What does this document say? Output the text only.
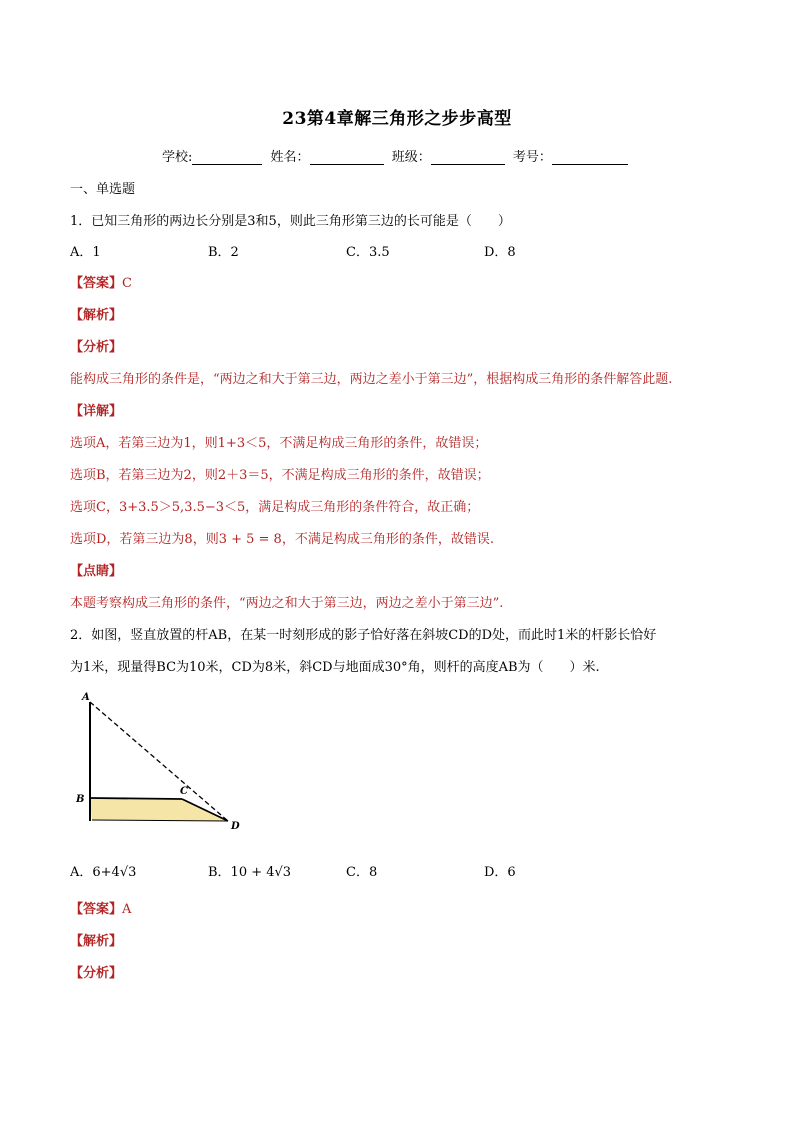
23第4章解三角形之步步高型
学校:	姓名：	班级：	考号：
一、单选题
1．已知三角形的两边长分别是3和5，则此三角形第三边的长可能是（　　）
A．1	B．2	C．3.5	D．8
【答案】C
【解析】
【分析】
能构成三角形的条件是，“两边之和大于第三边，两边之差小于第三边”，根据构成三角形的条件解答此题.
【详解】
选项A，若第三边为1，则1+3＜5，不满足构成三角形的条件，故错误；
选项B，若第三边为2，则2＋3＝5，不满足构成三角形的条件，故错误；
选项C，3+3.5＞5,3.5−3＜5，满足构成三角形的条件符合，故正确；
选项D，若第三边为8，则3 + 5 = 8，不满足构成三角形的条件，故错误.
【点睛】
本题考察构成三角形的条件，“两边之和大于第三边，两边之差小于第三边”.
2．如图，竖直放置的杆AB，在某一时刻形成的影子恰好落在斜坡CD的D处，而此时1米的杆影长恰好
为1米，现量得BC为10米，CD为8米，斜CD与地面成30°角，则杆的高度AB为（　　）米.
A
B
C
D
A．6+4√3	B．10 + 4√3	C．8	D．6
【答案】A
【解析】
【分析】
